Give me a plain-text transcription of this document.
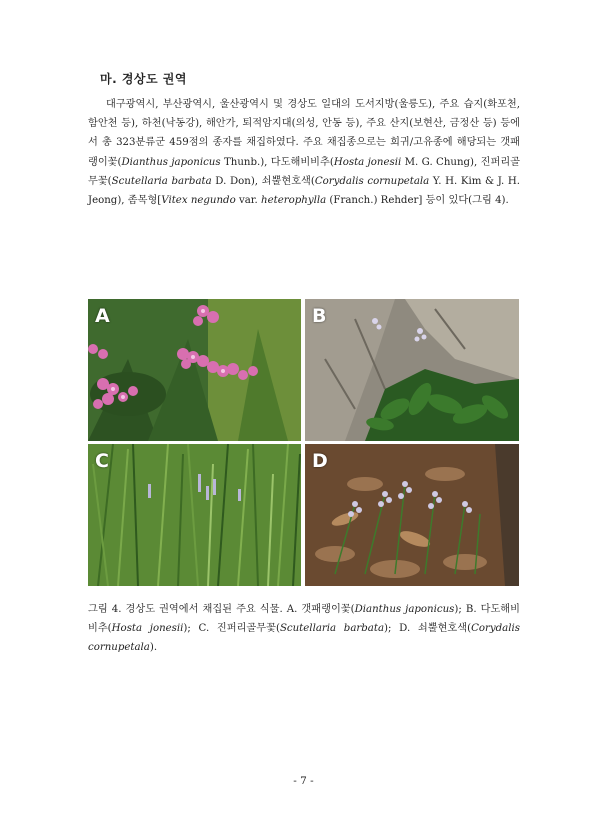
마. 경상도 권역

대구광역시, 부산광역시, 울산광역시 및 경상도 일대의 도서지방(울릉도), 주요 습지(화포천, 함안천 등), 하천(낙동강), 해안가, 퇴적암지대(의성, 안동 등), 주요 산지(보현산, 금정산 등) 등에서 총 323분류군 459점의 종자를 채집하였다. 주요 채집종으로는 희귀/고유종에 해당되는 갯패랭이꽃(Dianthus japonicus Thunb.), 다도해비비추(Hosta jonesii M. G. Chung), 진퍼리골무꽃(Scutellaria barbata D. Don), 쇠뿔현호색(Corydalis cornupetala Y. H. Kim & J. H. Jeong), 좀목형[Vitex negundo var. heterophylla (Franch.) Rehder] 등이 있다(그림 4).

A	B
C	D

그림 4. 경상도 권역에서 채집된 주요 식물. A. 갯패랭이꽃(Dianthus japonicus); B. 다도해비비추(Hosta jonesii); C. 진퍼리골무꽃(Scutellaria barbata); D. 쇠뿔현호색(Corydalis cornupetala).

- 7 -
